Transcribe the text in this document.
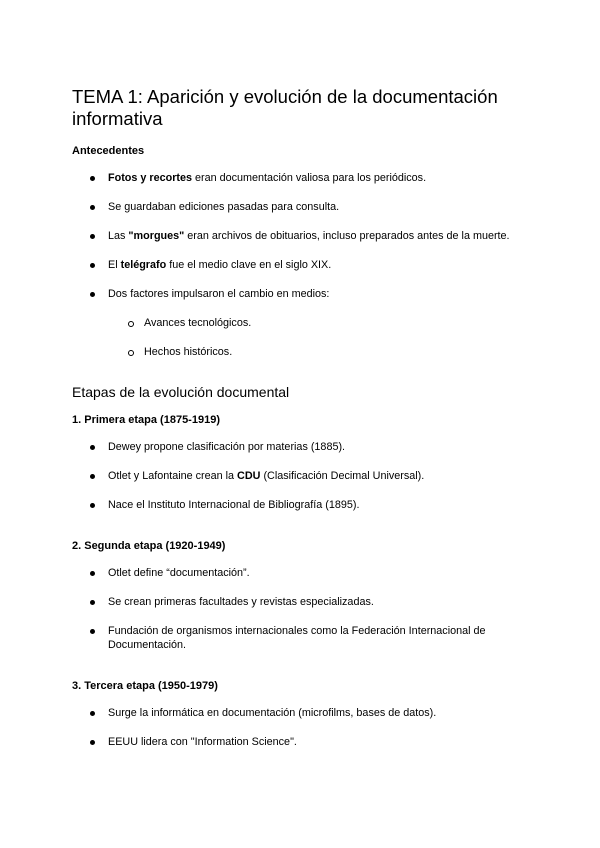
TEMA 1: Aparición y evolución de la documentación informativa
Antecedentes
Fotos y recortes eran documentación valiosa para los periódicos.
Se guardaban ediciones pasadas para consulta.
Las "morgues" eran archivos de obituarios, incluso preparados antes de la muerte.
El telégrafo fue el medio clave en el siglo XIX.
Dos factores impulsaron el cambio en medios:
Avances tecnológicos.
Hechos históricos.
Etapas de la evolución documental
1. Primera etapa (1875-1919)
Dewey propone clasificación por materias (1885).
Otlet y Lafontaine crean la CDU (Clasificación Decimal Universal).
Nace el Instituto Internacional de Bibliografía (1895).
2. Segunda etapa (1920-1949)
Otlet define “documentación”.
Se crean primeras facultades y revistas especializadas.
Fundación de organismos internacionales como la Federación Internacional de Documentación.
3. Tercera etapa (1950-1979)
Surge la informática en documentación (microfilms, bases de datos).
EEUU lidera con "Information Science".
